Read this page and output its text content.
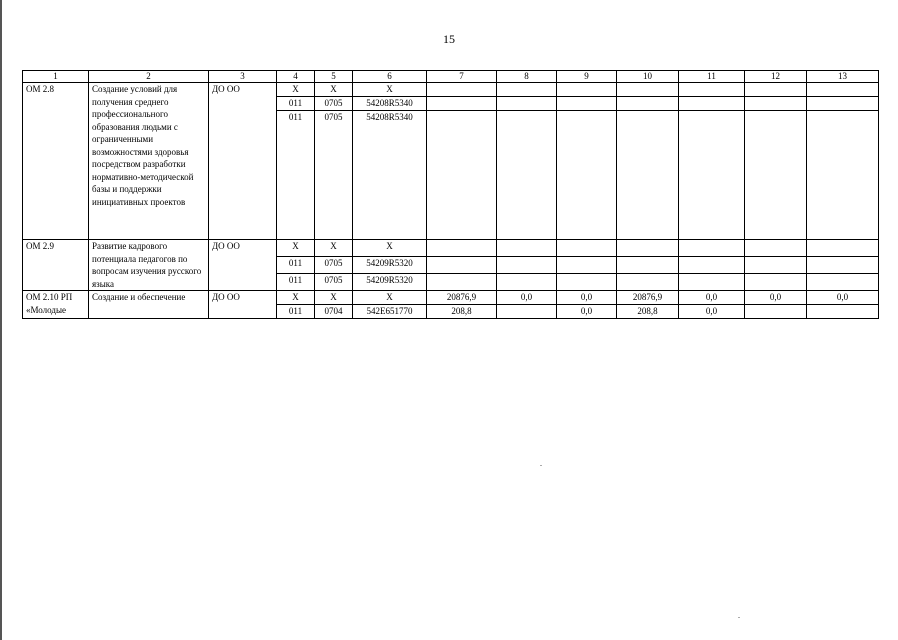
15
1	2	3	4	5	6	7	8	9	10	11	12	13
ОМ 2.8	Создание условий для получения среднего профессионального образования людьми с ограниченными возможностями здоровья посредством разработки нормативно-методической базы и поддержки инициативных проектов	ДО ОО	Х	Х	Х							
			011	0705	54208R5340							
			011	0705	54208R5340							
ОМ 2.9	Развитие кадрового потенциала педагогов по вопросам изучения русского языка	ДО ОО	Х	Х	Х							
			011	0705	54209R5320							
			011	0705	54209R5320							
ОМ 2.10 РП «Молодые	Создание и обеспечение	ДО ОО	Х	Х	Х	20876,9	0,0	0,0	20876,9	0,0	0,0	0,0
			011	0704	542E651770	208,8		0,0	208,8	0,0		
